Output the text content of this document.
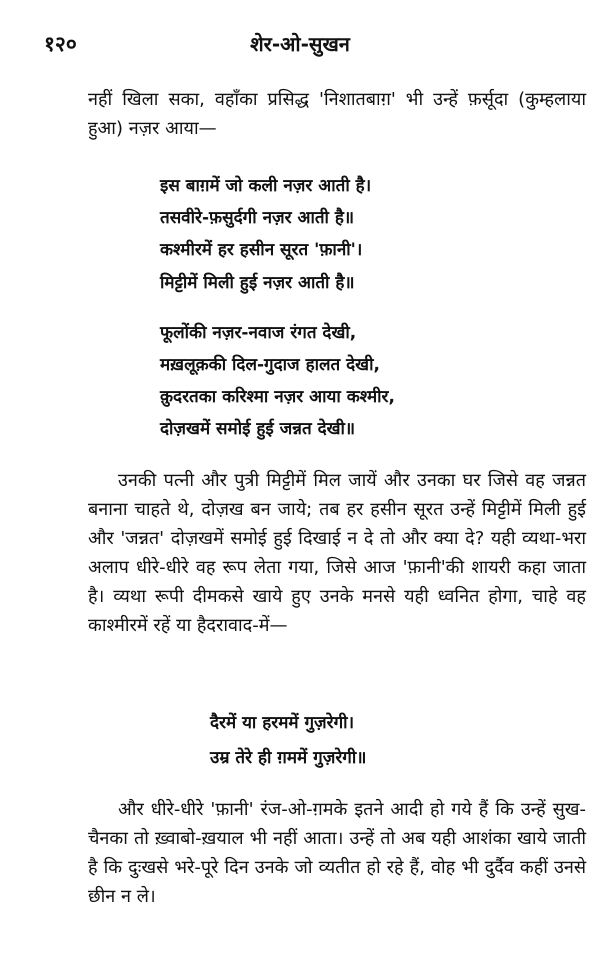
१२०	शेर-ओ-सुखन

नहीं खिला सका, वहाँका प्रसिद्ध 'निशातबाग़' भी उन्हें फ़र्सूदा (कुम्हलाया हुआ) नज़र आया—

इस बाग़में जो कली नज़र आती है।
तसवीरे-फ़सुर्दगी नज़र आती है॥
कश्मीरमें हर हसीन सूरत 'फ़ानी'।
मिट्टीमें मिली हुई नज़र आती है॥
फूलोंकी नज़र-नवाज रंगत देखी,
मख़लूक़की दिल-गुदाज हालत देखी,
क़ुदरतका करिश्मा नज़र आया कश्मीर,
दोज़खमें समोई हुई जन्नत देखी॥

उनकी पत्नी और पुत्री मिट्टीमें मिल जायें और उनका घर जिसे वह जन्नत बनाना चाहते थे, दोज़ख बन जाये; तब हर हसीन सूरत उन्हें मिट्टीमें मिली हुई और 'जन्नत' दोज़खमें समोई हुई दिखाई न दे तो और क्या दे? यही व्यथा-भरा अलाप धीरे-धीरे वह रूप लेता गया, जिसे आज 'फ़ानी'की शायरी कहा जाता है। व्यथा रूपी दीमकसे खाये हुए उनके मनसे यही ध्वनित होगा, चाहे वह काश्मीरमें रहें या हैदरावाद-में—

दैरमें या हरममें गुज़रेगी।
उम्र तेरे ही ग़ममें गुज़रेगी॥

और धीरे-धीरे 'फ़ानी' रंज-ओ-ग़मके इतने आदी हो गये हैं कि उन्हें सुख-चैनका तो ख़्वाबो-ख़याल भी नहीं आता। उन्हें तो अब यही आशंका खाये जाती है कि दुःखसे भरे-पूरे दिन उनके जो व्यतीत हो रहे हैं, वोह भी दुर्दैव कहीं उनसे छीन न ले।
